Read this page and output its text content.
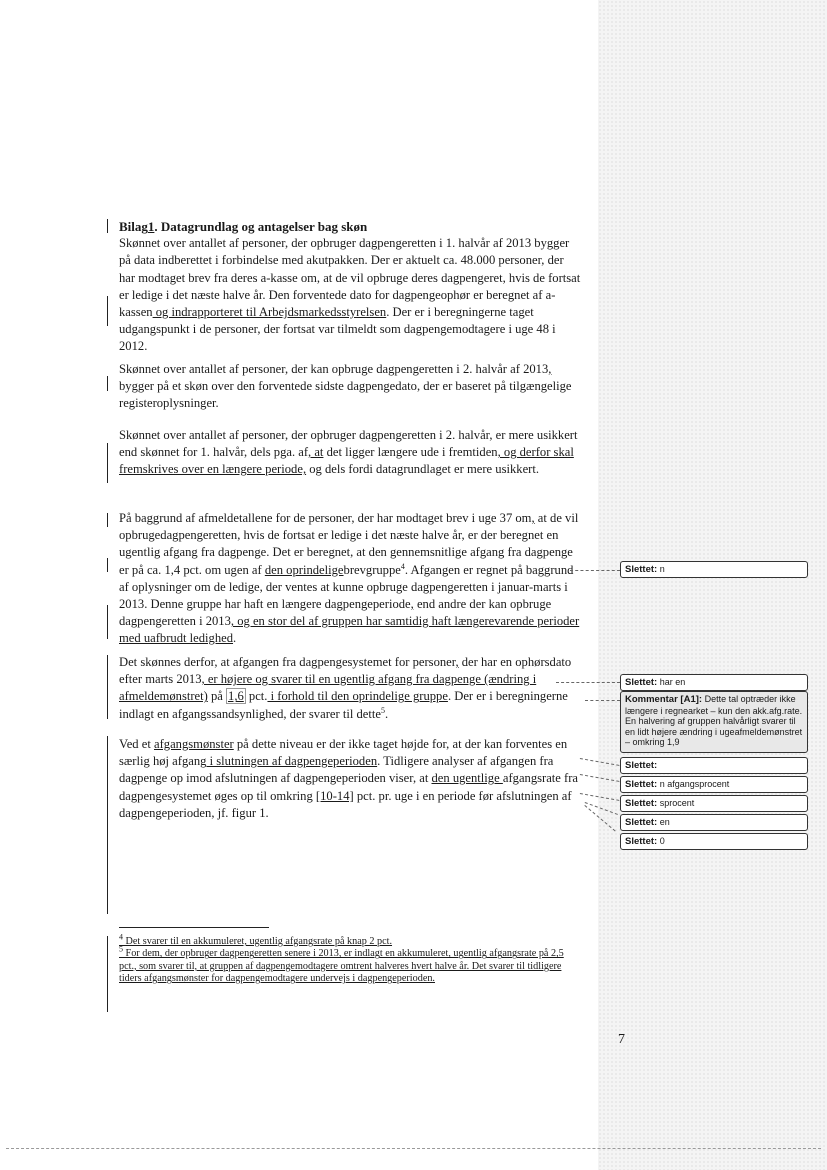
Bilag1. Datagrundlag og antagelser bag skøn
Skønnet over antallet af personer, der opbruger dagpengeretten i 1. halvår af 2013 bygger på data indberettet i forbindelse med akutpakken. Der er aktuelt ca. 48.000 personer, der har modtaget brev fra deres a-kasse om, at de vil opbruge deres dagpengeret, hvis de fortsat er ledige i det næste halve år. Den forventede dato for dagpengeophør er beregnet af a-kassen og indrapporteret til Arbejdsmarkedsstyrelsen. Der er i beregningerne taget udgangspunkt i de personer, der fortsat var tilmeldt som dagpengemodtagere i uge 48 i 2012.
Skønnet over antallet af personer, der kan opbruge dagpengeretten i 2. halvår af 2013, bygger på et skøn over den forventede sidste dagpengedato, der er baseret på tilgængelige registeroplysninger.
Skønnet over antallet af personer, der opbruger dagpengeretten i 2. halvår, er mere usikkert end skønnet for 1. halvår, dels pga. af, at det ligger længere ude i fremtiden, og derfor skal fremskrives over en længere periode, og dels fordi datagrundlaget er mere usikkert.
På baggrund af afmeldetallene for de personer, der har modtaget brev i uge 37 om, at de vil opbrugedagpengeretten, hvis de fortsat er ledige i det næste halve år, er der beregnet en ugentlig afgang fra dagpenge. Det er beregnet, at den gennemsnitlige afgang fra dagpenge er på ca. 1,4 pct. om ugen af den oprindeligebrevgruppe$^4$. Afgangen er regnet på baggrund af oplysninger om de ledige, der ventes at kunne opbruge dagpengeretten i januar-marts i 2013. Denne gruppe har haft en længere dagpengeperiode, end andre der kan opbruge dagpengeretten i 2013, og en stor del af gruppen har samtidig haft længerevarende perioder med uafbrudt ledighed.
Det skønnes derfor, at afgangen fra dagpengesystemet for personer, der har en ophørsdato efter marts 2013, er højere og svarer til en ugentlig afgang fra dagpenge (ændring i afmeldemønstret) på 1,6 pct. i forhold til den oprindelige gruppe. Der er i beregningerne indlagt en afgangssandsynlighed, der svarer til dette$^5$.
Ved et afgangsmønster på dette niveau er der ikke taget højde for, at der kan forventes en særlig høj afgang i slutningen af dagpengeperioden. Tidligere analyser af afgangen fra dagpenge op imod afslutningen af dagpengeperioden viser, at den ugentlige afgangsrate fra dagpengesystemet øges op til omkring [10-14] pct. pr. uge i en periode før afslutningen af dagpengeperioden, jf. figur 1.
$^4$ Det svarer til en akkumuleret, ugentlig afgangsrate på knap 2 pct.
$^5$ For dem, der opbruger dagpengeretten senere i 2013, er indlagt en akkumuleret, ugentlig afgangsrate på 2,5 pct., som svarer til, at gruppen af dagpengemodtagere omtrent halveres hvert halve år. Det svarer til tidligere tiders afgangsmønster for dagpengemodtagere undervejs i dagpengeperioden.
7
Slettet: n
Slettet: har en
Kommentar [A1]: Dette tal optræder ikke længere i regnearket – kun den akk.afg.rate. En halvering af gruppen halvårligt svarer til en lidt højere ændring i ugeafmeldemønstret – omkring 1,9
Slettet:
Slettet: n afgangsprocent
Slettet: sprocent
Slettet: en
Slettet: 0
